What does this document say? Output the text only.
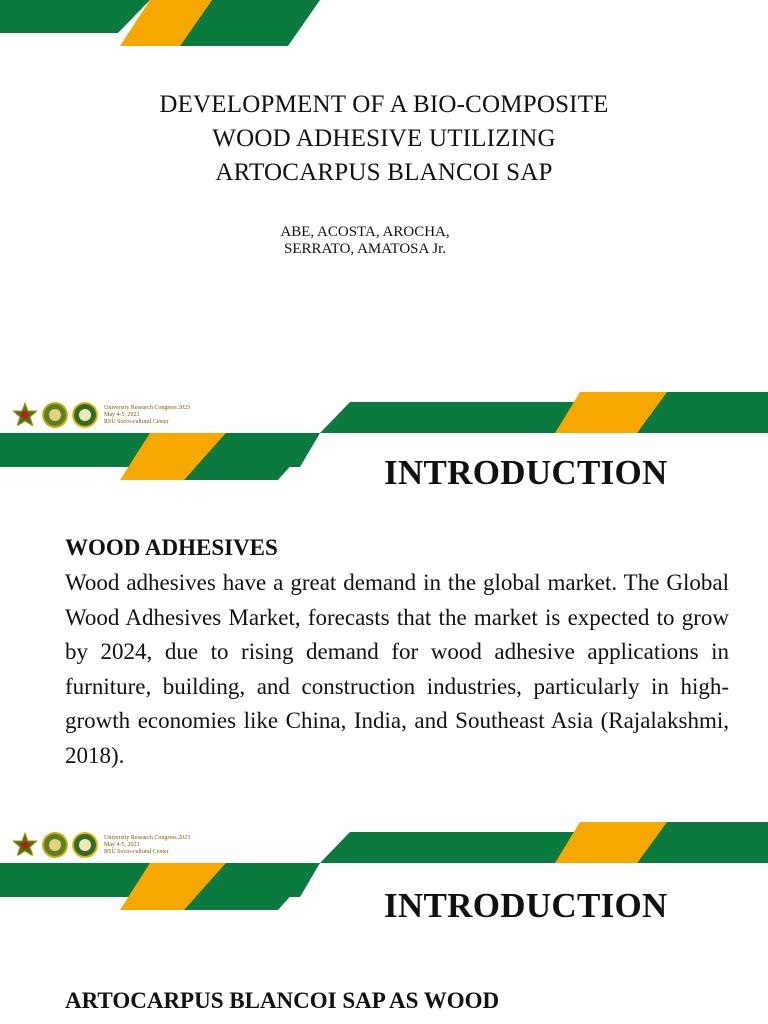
DEVELOPMENT OF A BIO-COMPOSITE
WOOD ADHESIVE UTILIZING
ARTOCARPUS BLANCOI SAP
ABE, ACOSTA, AROCHA,
SERRATO, AMATOSA Jr.
University Research Congress 2023
May 4-5, 2023
RSU Socio-cultural Center
INTRODUCTION
WOOD ADHESIVES
Wood adhesives have a great demand in the global market. The Global Wood Adhesives Market, forecasts that the market is expected to grow by 2024, due to rising demand for wood adhesive applications in furniture, building, and construction industries, particularly in high-growth economies like China, India, and Southeast Asia (Rajalakshmi, 2018).
University Research Congress 2023
May 4-5, 2023
RSU Socio-cultural Center
INTRODUCTION
ARTOCARPUS BLANCOI SAP AS WOOD
